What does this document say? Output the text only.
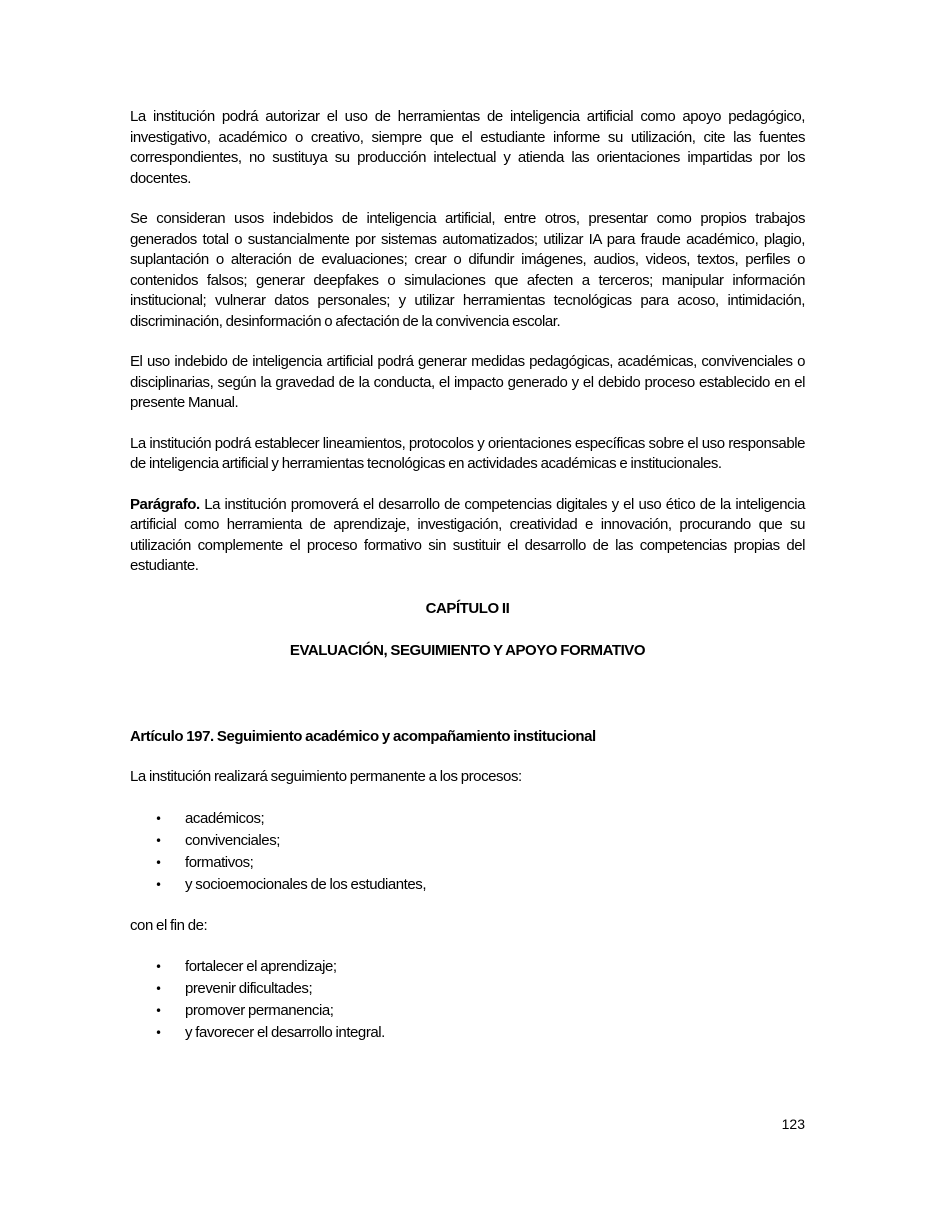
La institución podrá autorizar el uso de herramientas de inteligencia artificial como apoyo pedagógico, investigativo, académico o creativo, siempre que el estudiante informe su utilización, cite las fuentes correspondientes, no sustituya su producción intelectual y atienda las orientaciones impartidas por los docentes.

Se consideran usos indebidos de inteligencia artificial, entre otros, presentar como propios trabajos generados total o sustancialmente por sistemas automatizados; utilizar IA para fraude académico, plagio, suplantación o alteración de evaluaciones; crear o difundir imágenes, audios, videos, textos, perfiles o contenidos falsos; generar deepfakes o simulaciones que afecten a terceros; manipular información institucional; vulnerar datos personales; y utilizar herramientas tecnológicas para acoso, intimidación, discriminación, desinformación o afectación de la convivencia escolar.

El uso indebido de inteligencia artificial podrá generar medidas pedagógicas, académicas, convivenciales o disciplinarias, según la gravedad de la conducta, el impacto generado y el debido proceso establecido en el presente Manual.

La institución podrá establecer lineamientos, protocolos y orientaciones específicas sobre el uso responsable de inteligencia artificial y herramientas tecnológicas en actividades académicas e institucionales.

Parágrafo. La institución promoverá el desarrollo de competencias digitales y el uso ético de la inteligencia artificial como herramienta de aprendizaje, investigación, creatividad e innovación, procurando que su utilización complemente el proceso formativo sin sustituir el desarrollo de las competencias propias del estudiante.

CAPÍTULO II

EVALUACIÓN, SEGUIMIENTO Y APOYO FORMATIVO

Artículo 197. Seguimiento académico y acompañamiento institucional

La institución realizará seguimiento permanente a los procesos:

• académicos;
• convivenciales;
• formativos;
• y socioemocionales de los estudiantes,

con el fin de:

• fortalecer el aprendizaje;
• prevenir dificultades;
• promover permanencia;
• y favorecer el desarrollo integral.
123
